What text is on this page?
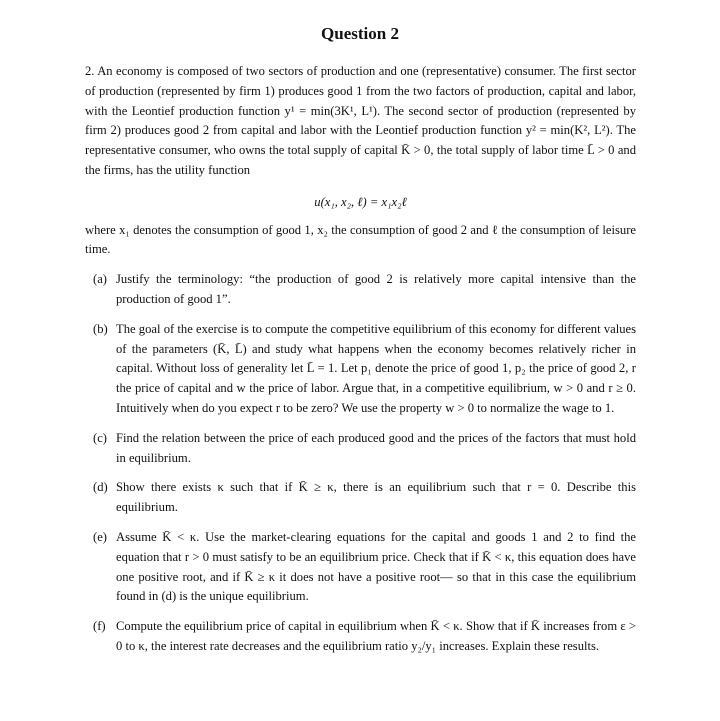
Question 2

2. An economy is composed of two sectors of production and one (representative) consumer. The first sector of production (represented by firm 1) produces good 1 from the two factors of production, capital and labor, with the Leontief production function y¹ = min(3K¹, L¹). The second sector of production (represented by firm 2) produces good 2 from capital and labor with the Leontief production function y² = min(K², L²). The representative consumer, who owns the total supply of capital K̄ > 0, the total supply of labor time L̄ > 0 and the firms, has the utility function

u(x₁, x₂, ℓ) = x₁x₂ℓ

where x₁ denotes the consumption of good 1, x₂ the consumption of good 2 and ℓ the consumption of leisure time.

(a) Justify the terminology: “the production of good 2 is relatively more capital intensive than the production of good 1”.
(b) The goal of the exercise is to compute the competitive equilibrium of this economy for different values of the parameters (K̄, L̄) and study what happens when the economy becomes relatively richer in capital. Without loss of generality let L̄ = 1. Let p₁ denote the price of good 1, p₂ the price of good 2, r the price of capital and w the price of labor. Argue that, in a competitive equilibrium, w > 0 and r ≥ 0. Intuitively when do you expect r to be zero? We use the property w > 0 to normalize the wage to 1.
(c) Find the relation between the price of each produced good and the prices of the factors that must hold in equilibrium.
(d) Show there exists κ such that if K̄ ≥ κ, there is an equilibrium such that r = 0. Describe this equilibrium.
(e) Assume K̄ < κ. Use the market-clearing equations for the capital and goods 1 and 2 to find the equation that r > 0 must satisfy to be an equilibrium price. Check that if K̄ < κ, this equation does have one positive root, and if K̄ ≥ κ it does not have a positive root— so that in this case the equilibrium found in (d) is the unique equilibrium.
(f) Compute the equilibrium price of capital in equilibrium when K̄ < κ. Show that if K̄ increases from ε > 0 to κ, the interest rate decreases and the equilibrium ratio y₂/y₁ increases. Explain these results.
